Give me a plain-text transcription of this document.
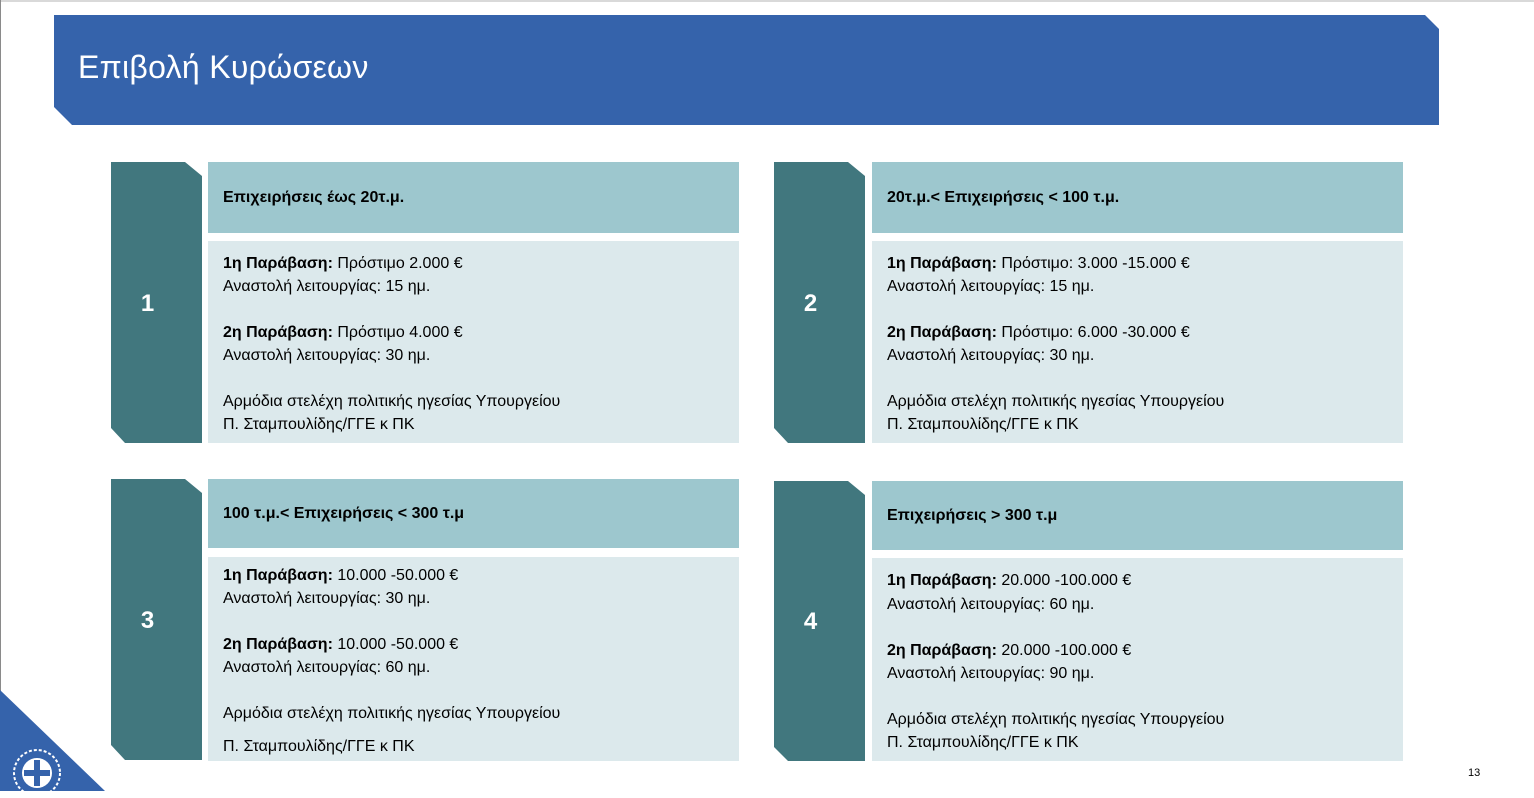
Επιβολή Κυρώσεων
1
Επιχειρήσεις έως 20τ.μ.
1η Παράβαση: Πρόστιμο 2.000 €
Αναστολή λειτουργίας: 15 ημ.
2η Παράβαση: Πρόστιμο 4.000 €
Αναστολή λειτουργίας: 30 ημ.
Αρμόδια στελέχη πολιτικής ηγεσίας Υπουργείου
Π. Σταμπουλίδης/ΓΓΕ κ ΠΚ
2
20τ.μ.< Επιχειρήσεις < 100 τ.μ.
1η Παράβαση: Πρόστιμο: 3.000 -15.000 €
Αναστολή λειτουργίας: 15 ημ.
2η Παράβαση: Πρόστιμο: 6.000 -30.000 €
Αναστολή λειτουργίας: 30 ημ.
Αρμόδια στελέχη πολιτικής ηγεσίας Υπουργείου
Π. Σταμπουλίδης/ΓΓΕ κ ΠΚ
3
100 τ.μ.< Επιχειρήσεις < 300 τ.μ
1η Παράβαση: 10.000 -50.000 €
Αναστολή λειτουργίας: 30 ημ.
2η Παράβαση: 10.000 -50.000 €
Αναστολή λειτουργίας: 60 ημ.
Αρμόδια στελέχη πολιτικής ηγεσίας Υπουργείου
Π. Σταμπουλίδης/ΓΓΕ κ ΠΚ
4
Επιχειρήσεις > 300 τ.μ
1η Παράβαση: 20.000 -100.000 €
Αναστολή λειτουργίας: 60 ημ.
2η Παράβαση: 20.000 -100.000 €
Αναστολή λειτουργίας: 90 ημ.
Αρμόδια στελέχη πολιτικής ηγεσίας Υπουργείου
Π. Σταμπουλίδης/ΓΓΕ κ ΠΚ
13
